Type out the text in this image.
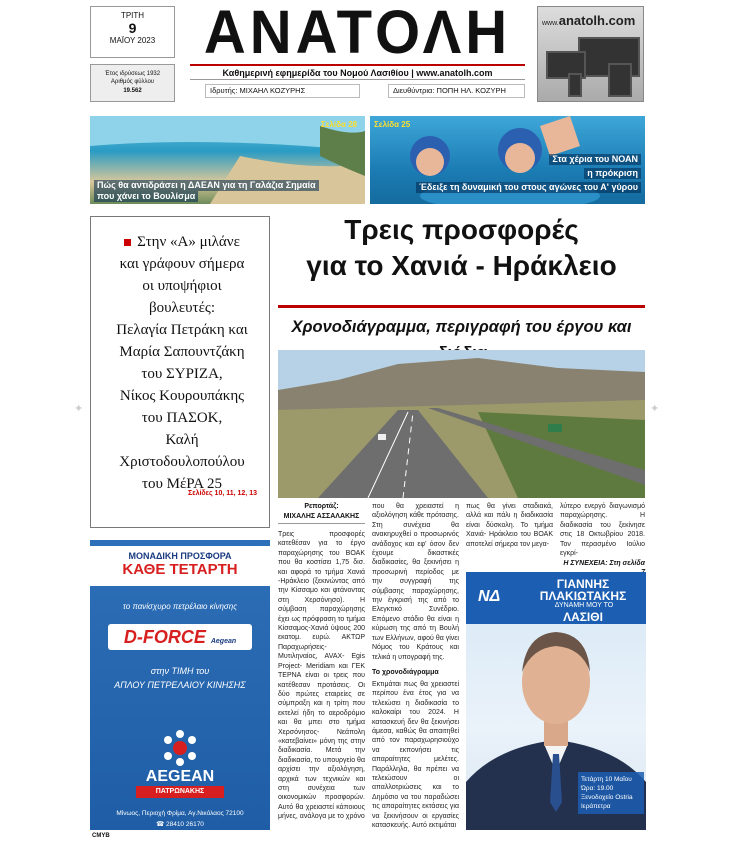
ΤΡΙΤΗ
9
ΜΑΪΟΥ 2023
Έτος ιδρύσεως 1932
Αριθμός φύλλου
19.562
ΑΝΑΤΟΛΗ
Καθημερινή εφημερίδα του Νομού Λασιθίου | www.anatolh.com
Ιδρυτής: ΜΙΧΑΗΛ ΚΟΖΥΡΗΣ	Διευθύντρια: ΠΟΠΗ ΗΛ. ΚΟΖΥΡΗ
www.anatolh.com
Σελίδα 28
Πώς θα αντιδράσει η ΔΑΕΑΝ για τη Γαλάζια Σημαία
που χάνει το Βουλίσμα
Σελίδα 25
Στα χέρια του ΝΟΑΝ
η πρόκριση
Έδειξε τη δυναμική του στους αγώνες του Α' γύρου
Στην «Α» μιλάνε
και γράφουν σήμερα
οι υποψήφιοι
βουλευτές:
Πελαγία Πετράκη και
Μαρία Σαπουντζάκη
του ΣΥΡΙΖΑ,
Νίκος Κουρουπάκης
του ΠΑΣΟΚ,
Καλή
Χριστοδουλοπούλου
του ΜέΡΑ 25
Σελίδες 10, 11, 12, 13
Τρεις προσφορές
για το Χανιά - Ηράκλειο
Χρονοδιάγραμμα, περιγραφή του έργου και
Ρεπορτάζ:
ΜΙΧΑΛΗΣ ΑΣΣΑΛΑΚΗΣ
Τρεις προσφορές κατεθέσαν για το έργο παραχώρησης του ΒΟΑΚ που θα κοστίσει 1,75 δισ. και αφορά το τμήμα Χανιά -Ηράκλειο (ξεκινώντας από την Κίσσαμο και φτάνοντας στη Χερσόνησο). Η σύμβαση παραχώρησης έχει ως πρόφραση το τμήμα Κίσσαμος-Χανιά ύψους 200 εκατομ. ευρώ. ΑΚΤΩΡ Παραχωρήσεις-Μυτιληναίος, AVAX- Egis Project- Meridiam και ΓΕΚ ΤΕΡΝΑ είναι οι τρεις που κατέθεσαν προτάσεις. Οι δύο πρώτες εταιρείες σε σύμπραξη και η τρίτη που εκτελεί ήδη το αεροδρόμιο και θα μπει στο τμήμα Χερσόνησος- Νεάπολη «κατεβαίνει» μόνη της στην διαδικασία. Μετά την διαδικασία, το υπουργείο θα αρχίσει την αξιολόγηση, αρχικά των τεχνικών και στη συνέχεια των οικονομικών προσφορών. Αυτό θα χρειαστεί κάποιους μήνες, ανάλογα με το χρόνο
που θα χρειαστεί η αξιολόγηση κάθε πρότασης. Στη συνέχεια θα ανακηρυχθεί ο προσωρινός ανάδοχος και εφ' όσον δεν έχουμε δικαστικές διαδικασίες, θα ξεκινήσει η προσωρινή περίοδος με την συγγραφή της σύμβασης παραχώρησης, την έγκρισή της από το Ελεγκτικό Συνέδριο. Επόμενο στάδιο θα είναι η κύρωση της από τη Βουλή των Ελλήνων, αφού θα γίνει Νόμος του Κράτους και τελικά η υπογραφή της.
πως θα γίνει σταδιακά, αλλά και πάλι η διαδικασία είναι δύσκολη. Το τμήμα Χανιά- Ηράκλειο του ΒΟΑΚ αποτελεί σήμερα τον μεγα-
λύτερο ενεργό διαγωνισμό παραχώρησης. Η διαδικασία του ξεκίνησε στις 18 Οκτωβρίου 2018. Τον περασμένο Ιούλιο εγκρί-
Η ΣΥΝΕΧΕΙΑ: Στη σελίδα
Το χρονοδιάγραμμα
Εκτιμάται πως θα χρειαστεί περίπου ένα έτος για να τελειώσει η διαδικασία το καλοκαίρι του 2024. Η κατασκευή δεν θα ξεκινήσει άμεσα, καθώς θα απαιτηθεί από τον παραχωρησιούχο να εκπονήσει τις απαραίτητες μελέτες. Παράλληλα, θα πρέπει να τελειώσουν οι απαλλοτριώσεις και το Δημόσιο να του παραδώσει τις απαραίτητες εκτάσεις για να ξεκινήσουν οι εργασίες κατασκευής. Αυτό εκτιμάται
ΜΟΝΑΔΙΚΗ ΠΡΟΣΦΟΡΑ
ΚΑΘΕ ΤΕΤΑΡΤΗ
το πανίσχυρο πετρέλαιο κίνησης
D-FORCE Aegean
στην ΤΙΜΗ του
ΑΠΛΟΥ ΠΕΤΡΕΛΑΙΟΥ ΚΙΝΗΣΗΣ
AEGEAN
ΠΑΤΡΩΝΑΚΗΣ
Μίνωος, Περιοχή Φρίμα, Αγ.Νικόλαος 72100
☎ 28410 26170
ΝΔ
ΓΙΑΝΝΗΣ
ΠΛΑΚΙΩΤΑΚΗΣ
ΔΥΝΑΜΗ ΜΟΥ ΤΟ
ΛΑΣΙΘΙ
Τετάρτη 10 Μαΐου
Ώρα: 19.00
Ξενοδοχείο Ostria
Ιεράπετρα
CMYB
✦	✦
